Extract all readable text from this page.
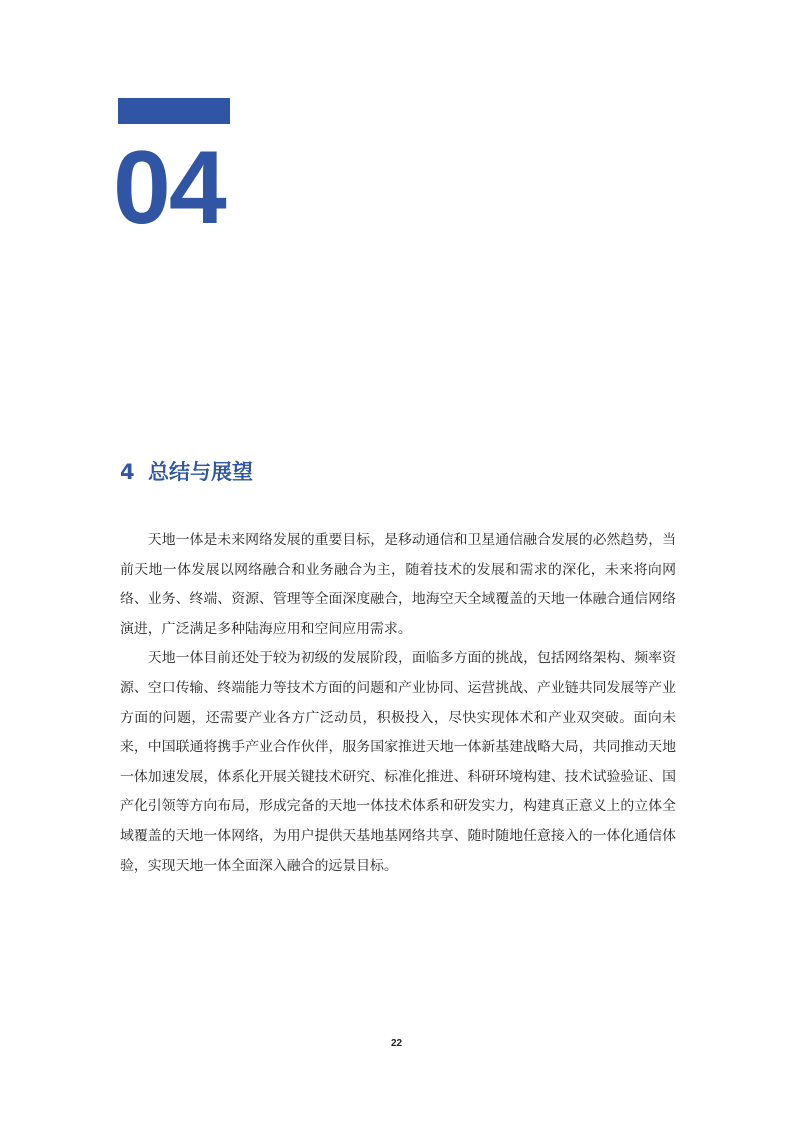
04
4 总结与展望

天地一体是未来网络发展的重要目标，是移动通信和卫星通信融合发展的必然趋势，当前天地一体发展以网络融合和业务融合为主，随着技术的发展和需求的深化，未来将向网络、业务、终端、资源、管理等全面深度融合，地海空天全域覆盖的天地一体融合通信网络演进，广泛满足多种陆海应用和空间应用需求。

天地一体目前还处于较为初级的发展阶段，面临多方面的挑战，包括网络架构、频率资源、空口传输、终端能力等技术方面的问题和产业协同、运营挑战、产业链共同发展等产业方面的问题，还需要产业各方广泛动员，积极投入，尽快实现体术和产业双突破。面向未来，中国联通将携手产业合作伙伴，服务国家推进天地一体新基建战略大局，共同推动天地一体加速发展，体系化开展关键技术研究、标准化推进、科研环境构建、技术试验验证、国产化引领等方向布局，形成完备的天地一体技术体系和研发实力，构建真正意义上的立体全域覆盖的天地一体网络，为用户提供天基地基网络共享、随时随地任意接入的一体化通信体验，实现天地一体全面深入融合的远景目标。

22
